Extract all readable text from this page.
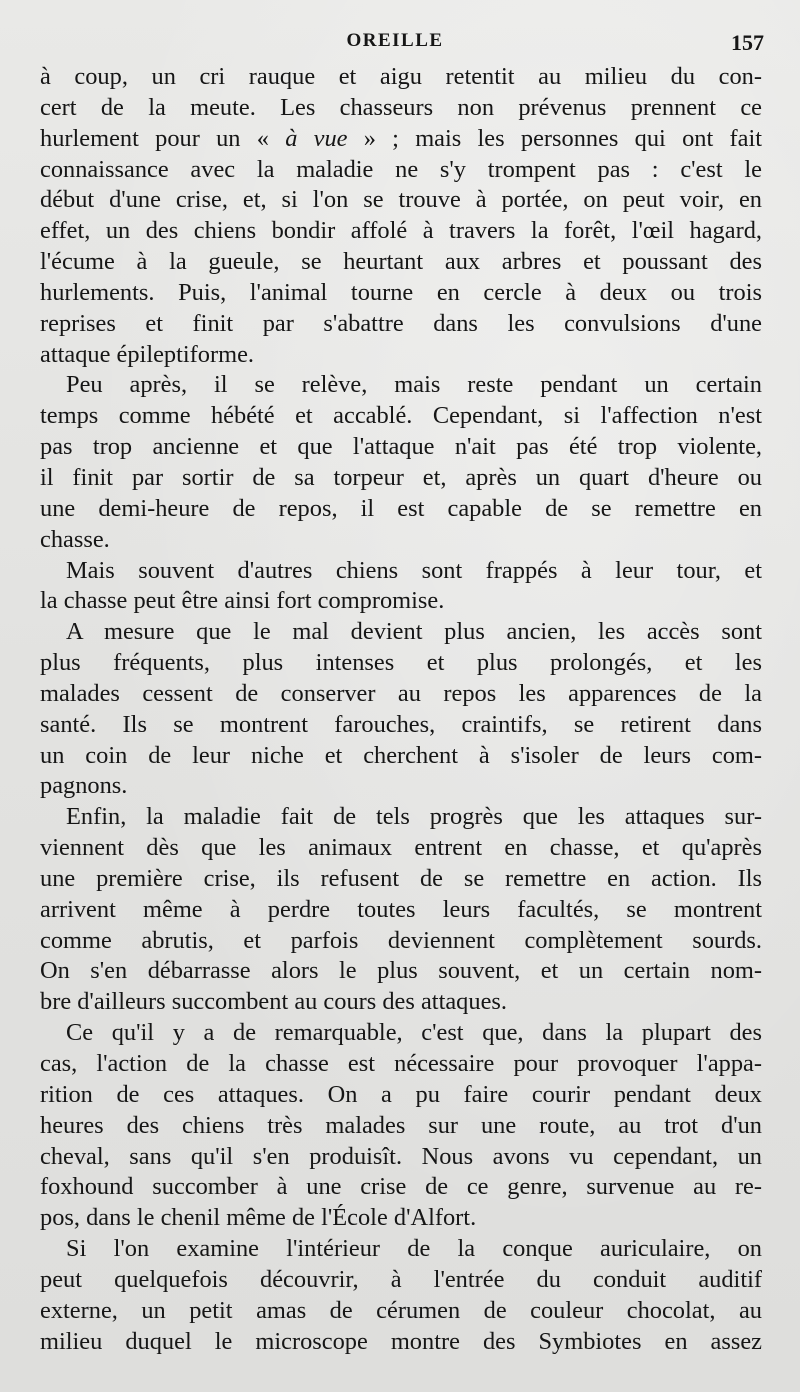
OREILLE	157
à coup, un cri rauque et aigu retentit au milieu du con-
cert de la meute. Les chasseurs non prévenus prennent ce
hurlement pour un « à vue » ; mais les personnes qui ont fait
connaissance avec la maladie ne s'y trompent pas : c'est le
début d'une crise, et, si l'on se trouve à portée, on peut voir, en
effet, un des chiens bondir affolé à travers la forêt, l'œil hagard,
l'écume à la gueule, se heurtant aux arbres et poussant des
hurlements. Puis, l'animal tourne en cercle à deux ou trois
reprises et finit par s'abattre dans les convulsions d'une
attaque épileptiforme.
Peu après, il se relève, mais reste pendant un certain
temps comme hébété et accablé. Cependant, si l'affection n'est
pas trop ancienne et que l'attaque n'ait pas été trop violente,
il finit par sortir de sa torpeur et, après un quart d'heure ou
une demi-heure de repos, il est capable de se remettre en
chasse.
Mais souvent d'autres chiens sont frappés à leur tour, et
la chasse peut être ainsi fort compromise.
A mesure que le mal devient plus ancien, les accès sont
plus fréquents, plus intenses et plus prolongés, et les
malades cessent de conserver au repos les apparences de la
santé. Ils se montrent farouches, craintifs, se retirent dans
un coin de leur niche et cherchent à s'isoler de leurs com-
pagnons.
Enfin, la maladie fait de tels progrès que les attaques sur-
viennent dès que les animaux entrent en chasse, et qu'après
une première crise, ils refusent de se remettre en action. Ils
arrivent même à perdre toutes leurs facultés, se montrent
comme abrutis, et parfois deviennent complètement sourds.
On s'en débarrasse alors le plus souvent, et un certain nom-
bre d'ailleurs succombent au cours des attaques.
Ce qu'il y a de remarquable, c'est que, dans la plupart des
cas, l'action de la chasse est nécessaire pour provoquer l'appa-
rition de ces attaques. On a pu faire courir pendant deux
heures des chiens très malades sur une route, au trot d'un
cheval, sans qu'il s'en produisît. Nous avons vu cependant, un
foxhound succomber à une crise de ce genre, survenue au re-
pos, dans le chenil même de l'École d'Alfort.
Si l'on examine l'intérieur de la conque auriculaire, on
peut quelquefois découvrir, à l'entrée du conduit auditif
externe, un petit amas de cérumen de couleur chocolat, au
milieu duquel le microscope montre des Symbiotes en assez
